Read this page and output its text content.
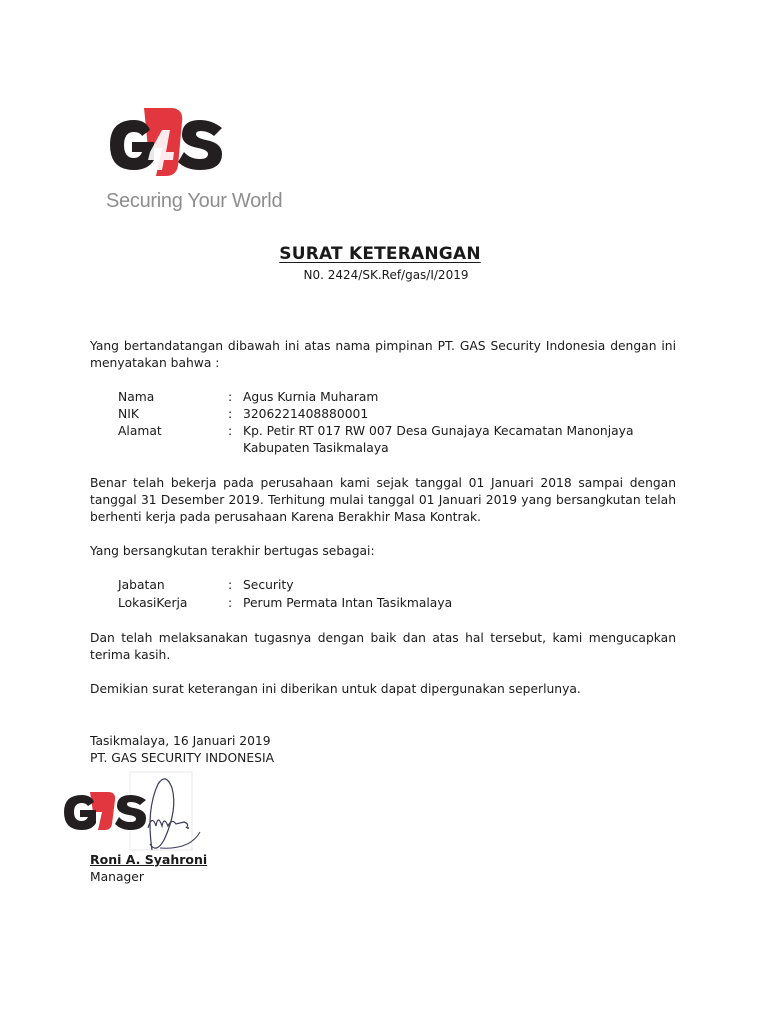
Securing Your World
SURAT KETERANGAN
N0. 2424/SK.Ref/gas/I/2019
Yang bertandatangan dibawah ini atas nama pimpinan PT. GAS Security Indonesia dengan ini menyatakan bahwa :
Nama	: Agus Kurnia Muharam
NIK	: 3206221408880001
Alamat	: Kp. Petir RT 017 RW 007 Desa Gunajaya Kecamatan Manonjaya
Kabupaten Tasikmalaya
Benar telah bekerja pada perusahaan kami sejak tanggal 01 Januari 2018 sampai dengan tanggal 31 Desember 2019. Terhitung mulai tanggal 01 Januari 2019 yang bersangkutan telah berhenti kerja pada perusahaan Karena Berakhir Masa Kontrak.
Yang bersangkutan terakhir bertugas sebagai:
Jabatan	: Security
LokasiKerja	: Perum Permata Intan Tasikmalaya
Dan telah melaksanakan tugasnya dengan baik dan atas hal tersebut, kami mengucapkan terima kasih.
Demikian surat keterangan ini diberikan untuk dapat dipergunakan seperlunya.
Tasikmalaya, 16 Januari 2019
PT. GAS SECURITY INDONESIA
Roni A. Syahroni
Manager
